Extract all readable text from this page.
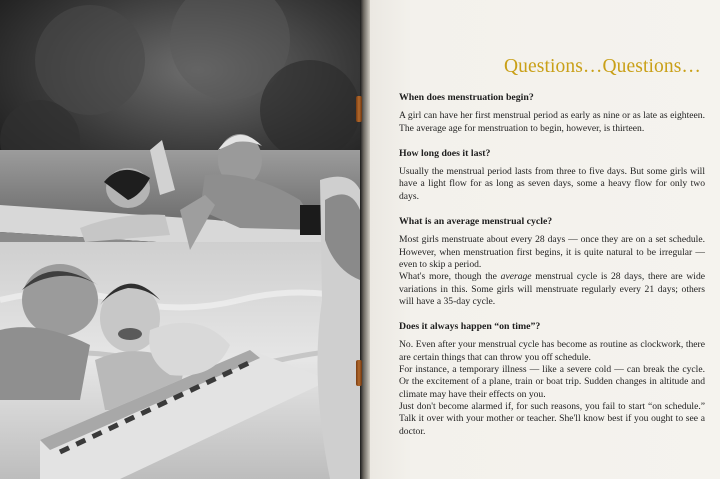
Questions…Questions…

When does menstruation begin?

A girl can have her first menstrual period as early as nine or as late as eighteen. The average age for menstruation to begin, however, is thirteen.

How long does it last?

Usually the menstrual period lasts from three to five days. But some girls will have a light flow for as long as seven days, some a heavy flow for only two days.

What is an average menstrual cycle?

Most girls menstruate about every 28 days — once they are on a set schedule. However, when menstruation first begins, it is quite natural to be irregular — even to skip a period.

What's more, though the average menstrual cycle is 28 days, there are wide variations in this. Some girls will menstruate regularly every 21 days; others will have a 35-day cycle.

Does it always happen “on time”?

No. Even after your menstrual cycle has become as routine as clockwork, there are certain things that can throw you off schedule.

For instance, a temporary illness — like a severe cold — can break the cycle. Or the excitement of a plane, train or boat trip. Sudden changes in altitude and climate may have their effects on you.

Just don't become alarmed if, for such reasons, you fail to start “on schedule.” Talk it over with your mother or teacher. She'll know best if you ought to see a doctor.
